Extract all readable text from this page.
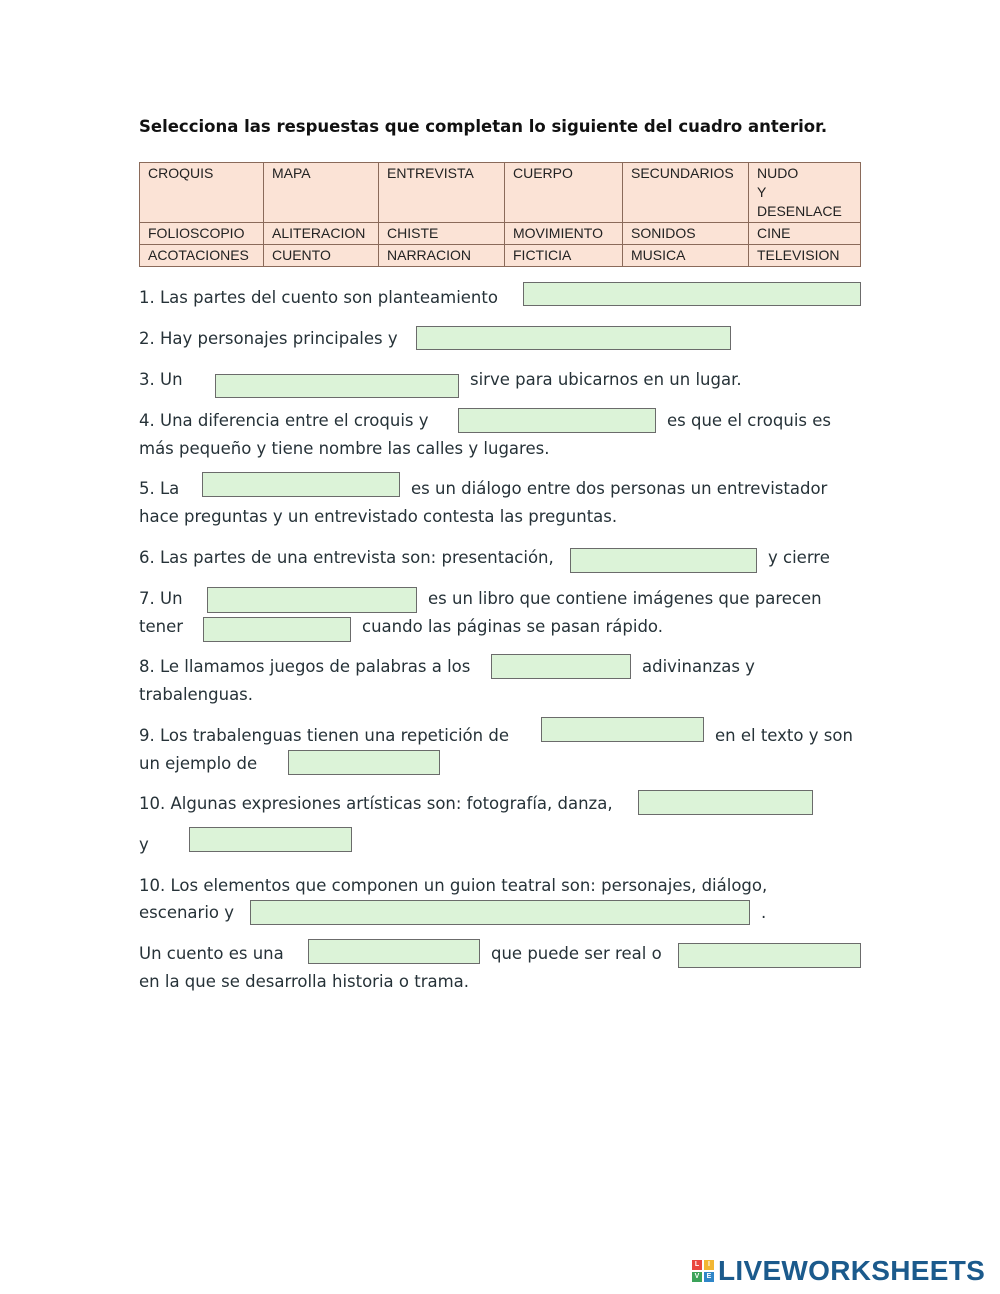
Selecciona las respuestas que completan lo siguiente del cuadro anterior.
CROQUIS	MAPA	ENTREVISTA	CUERPO	SECUNDARIOS	NUDO Y DESENLACE
FOLIOSCOPIO	ALITERACION	CHISTE	MOVIMIENTO	SONIDOS	CINE
ACOTACIONES	CUENTO	NARRACION	FICTICIA	MUSICA	TELEVISION
1. Las partes del cuento son planteamiento
2. Hay personajes principales y
3. Un	sirve para ubicarnos en un lugar.
4. Una diferencia entre el croquis y	es que el croquis es
más pequeño y tiene nombre las calles y lugares.
5. La	es un diálogo entre dos personas un entrevistador
hace preguntas y un entrevistado contesta las preguntas.
6. Las partes de una entrevista son: presentación,	y cierre
7. Un	es un libro que contiene imágenes que parecen
tener	cuando las páginas se pasan rápido.
8. Le llamamos juegos de palabras a los	adivinanzas y
trabalenguas.
9. Los trabalenguas tienen una repetición de	en el texto y son
un ejemplo de
10. Algunas expresiones artísticas son: fotografía, danza,
y
10. Los elementos que componen un guion teatral son: personajes, diálogo,
escenario y	.
Un cuento es una	que puede ser real o
en la que se desarrolla historia o trama.
L	I
V	E LIVEWORKSHEETS
